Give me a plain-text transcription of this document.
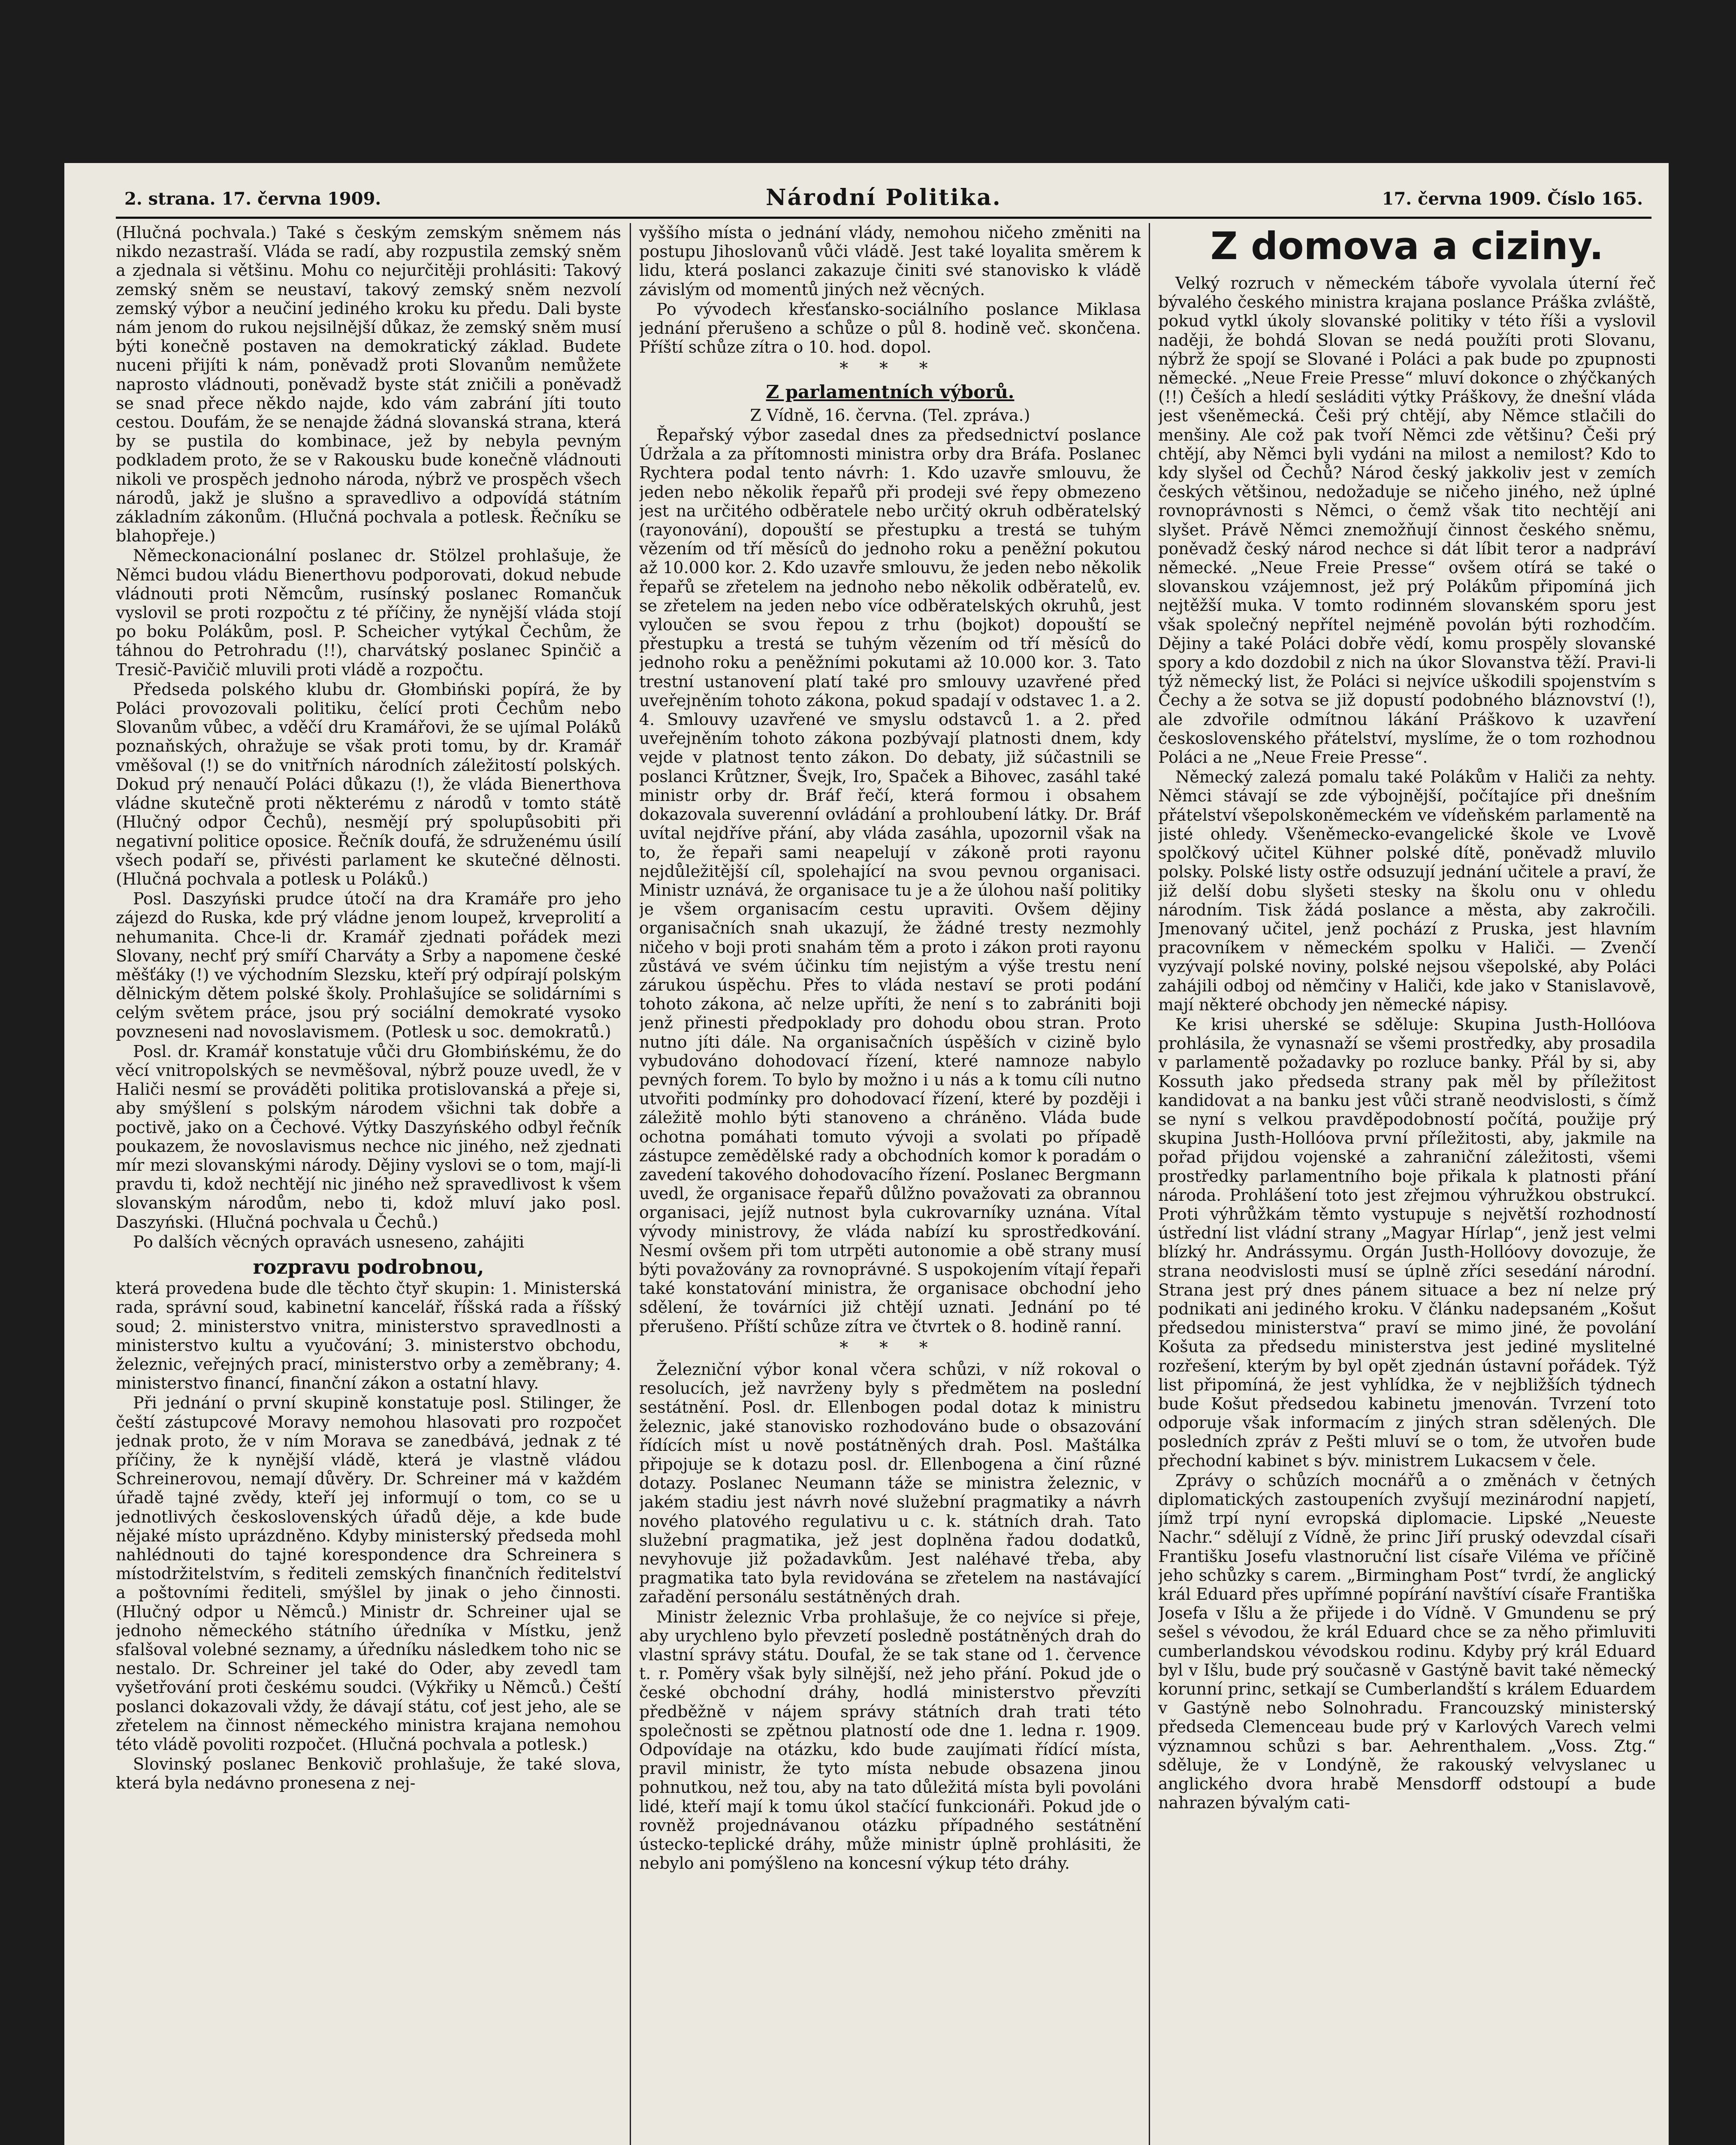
2. strana. 17. června 1909.	Národní Politika.	17. června 1909. Číslo 165.

(Hlučná pochvala.) Také s českým zemským sněmem nás nikdo nezastraší. Vláda se radí, aby rozpustila zemský sněm a zjednala si většinu. Mohu co nejurčitěji prohlásiti: Takový zemský sněm se neustaví, takový zemský sněm nezvolí zemský výbor a neučiní jediného kroku ku předu. Dali byste nám jenom do rukou nejsilnější důkaz, že zemský sněm musí býti konečně postaven na demokratický základ. Budete nuceni přijíti k nám, poněvadž proti Slovanům nemůžete naprosto vládnouti, poněvadž byste stát zničili a poněvadž se snad přece někdo najde, kdo vám zabrání jíti touto cestou. Doufám, že se nenajde žádná slovanská strana, která by se pustila do kombinace, jež by nebyla pevným podkladem proto, že se v Rakousku bude konečně vládnouti nikoli ve prospěch jednoho národa, nýbrž ve prospěch všech národů, jakž je slušno a spravedlivo a odpovídá státním základním zákonům. (Hlučná pochvala a potlesk. Řečníku se blahopřeje.)

Německonacionální poslanec dr. Stölzel prohlašuje, že Němci budou vládu Bienerthovu podporovati, dokud nebude vládnouti proti Němcům, rusínský poslanec Romančuk vyslovil se proti rozpočtu z té příčiny, že nynější vláda stojí po boku Polákům, posl. P. Scheicher vytýkal Čechům, že táhnou do Petrohradu (!!), charvátský poslanec Spinčič a Tresič-Pavičič mluvili proti vládě a rozpočtu.

Předseda polského klubu dr. Głombiński popírá, že by Poláci provozovali politiku, čelící proti Čechům nebo Slovanům vůbec, a vděčí dru Kramářovi, že se ujímal Poláků poznaňských, ohražuje se však proti tomu, by dr. Kramář vměšoval (!) se do vnitřních národních záležitostí polských. Dokud prý nenaučí Poláci důkazu (!), že vláda Bienerthova vládne skutečně proti některému z národů v tomto státě (Hlučný odpor Čechů), nesmějí prý spolupůsobiti při negativní politice oposice. Řečník doufá, že sdruženému úsilí všech podaří se, přivésti parlament ke skutečné dělnosti. (Hlučná pochvala a potlesk u Poláků.)

Posl. Daszyński prudce útočí na dra Kramáře pro jeho zájezd do Ruska, kde prý vládne jenom loupež, krveprolití a nehumanita. Chce-li dr. Kramář zjednati pořádek mezi Slovany, nechť prý smíří Charváty a Srby a napomene české měšťáky (!) ve východním Slezsku, kteří prý odpírají polským dělnickým dětem polské školy. Prohlašujíce se solidárními s celým světem práce, jsou prý sociální demokraté vysoko povzneseni nad novoslavismem. (Potlesk u soc. demokratů.)

Posl. dr. Kramář konstatuje vůči dru Głombińskému, že do věcí vnitropolských se nevměšoval, nýbrž pouze uvedl, že v Haliči nesmí se prováděti politika protislovanská a přeje si, aby smýšlení s polským národem všichni tak dobře a poctivě, jako on a Čechové. Výtky Daszyńského odbyl řečník poukazem, že novoslavismus nechce nic jiného, než zjednati mír mezi slovanskými národy. Dějiny vyslovi se o tom, mají-li pravdu ti, kdož nechtějí nic jiného než spravedlivost k všem slovanským národům, nebo ti, kdož mluví jako posl. Daszyński. (Hlučná pochvala u Čechů.)

Po dalších věcných opravách usneseno, zahájiti

rozpravu podrobnou,

která provedena bude dle těchto čtyř skupin: 1. Ministerská rada, správní soud, kabinetní kancelář, říšská rada a říšský soud; 2. ministerstvo vnitra, ministerstvo spravedlnosti a ministerstvo kultu a vyučování; 3. ministerstvo obchodu, železnic, veřejných prací, ministerstvo orby a zeměbrany; 4. ministerstvo financí, finanční zákon a ostatní hlavy.

Při jednání o první skupině konstatuje posl. Stilinger, že čeští zástupcové Moravy nemohou hlasovati pro rozpočet jednak proto, že v ním Morava se zanedbává, jednak z té příčiny, že k nynější vládě, která je vlastně vládou Schreinerovou, nemají důvěry. Dr. Schreiner má v každém úřadě tajné zvědy, kteří jej informují o tom, co se u jednotlivých československých úřadů děje, a kde bude nějaké místo uprázdněno. Kdyby ministerský předseda mohl nahlédnouti do tajné korespondence dra Schreinera s místodržitelstvím, s řediteli zemských finančních ředitelství a poštovními řediteli, smýšlel by jinak o jeho činnosti. (Hlučný odpor u Němců.) Ministr dr. Schreiner ujal se jednoho německého státního úředníka v Místku, jenž sfalšoval volebné seznamy, a úředníku následkem toho nic se nestalo. Dr. Schreiner jel také do Oder, aby zevedl tam vyšetřování proti českému soudci. (Výkřiky u Němců.) Čeští poslanci dokazovali vždy, že dávají státu, coť jest jeho, ale se zřetelem na činnost německého ministra krajana nemohou této vládě povoliti rozpočet. (Hlučná pochvala a potlesk.)

Slovinský poslanec Benkovič prohlašuje, že také slova, která byla nedávno pronesena z nej-

vyššího místa o jednání vlády, nemohou ničeho změniti na postupu Jihoslovanů vůči vládě. Jest také loyalita směrem k lidu, která poslanci zakazuje činiti své stanovisko k vládě závislým od momentů jiných než věcných.

Po vývodech křesťansko-sociálního poslance Miklasa jednání přerušeno a schůze o půl 8. hodině več. skončena. Příští schůze zítra o 10. hod. dopol.

* * *
Z parlamentních výborů.

Z Vídně, 16. června. (Tel. zpráva.)

Řepařský výbor zasedal dnes za předsednictví poslance Údržala a za přítomnosti ministra orby dra Bráfa. Poslanec Rychtera podal tento návrh: 1. Kdo uzavře smlouvu, že jeden nebo několik řepařů při prodeji své řepy obmezeno jest na určitého odběratele nebo určitý okruh odběratelský (rayonování), dopouští se přestupku a trestá se tuhým vězením od tří měsíců do jednoho roku a peněžní pokutou až 10.000 kor. 2. Kdo uzavře smlouvu, že jeden nebo několik řepařů se zřetelem na jednoho nebo několik odběratelů, ev. se zřetelem na jeden nebo více odběratelských okruhů, jest vyloučen se svou řepou z trhu (bojkot) dopouští se přestupku a trestá se tuhým vězením od tří měsíců do jednoho roku a peněžními pokutami až 10.000 kor. 3. Tato trestní ustanovení platí také pro smlouvy uzavřené před uveřejněním tohoto zákona, pokud spadají v odstavec 1. a 2. 4. Smlouvy uzavřené ve smyslu odstavců 1. a 2. před uveřejněním tohoto zákona pozbývají platnosti dnem, kdy vejde v platnost tento zákon. Do debaty, již súčastnili se poslanci Krůtzner, Švejk, Iro, Spaček a Bihovec, zasáhl také ministr orby dr. Bráf řečí, která formou i obsahem dokazovala suverenní ovládání a prohloubení látky. Dr. Bráf uvítal nejdříve přání, aby vláda zasáhla, upozornil však na to, že řepaři sami neapelují v zákoně proti rayonu nejdůležitější cíl, spolehající na svou pevnou organisaci. Ministr uznává, že organisace tu je a že úlohou naší politiky je všem organisacím cestu upraviti. Ovšem dějiny organisačních snah ukazují, že žádné tresty nezmohly ničeho v boji proti snahám těm a proto i zákon proti rayonu zůstává ve svém účinku tím nejistým a výše trestu není zárukou úspěchu. Přes to vláda nestaví se proti podání tohoto zákona, ač nelze upříti, že není s to zabrániti boji jenž přinesti předpoklady pro dohodu obou stran. Proto nutno jíti dále. Na organisačních úspěších v cizině bylo vybudováno dohodovací řízení, které namnoze nabylo pevných forem. To bylo by možno i u nás a k tomu cíli nutno utvořiti podmínky pro dohodovací řízení, které by později i záležitě mohlo býti stanoveno a chráněno. Vláda bude ochotna pomáhati tomuto vývoji a svolati po případě zástupce zemědělské rady a obchodních komor k poradám o zavedení takového dohodovacího řízení. Poslanec Bergmann uvedl, že organisace řepařů důlžno považovati za obrannou organisaci, jejíž nutnost byla cukrovarníky uznána. Vítal vývody ministrovy, že vláda nabízí ku sprostředkování. Nesmí ovšem při tom utrpěti autonomie a obě strany musí býti považovány za rovnoprávné. S uspokojením vítají řepaři také konstatování ministra, že organisace obchodní jeho sdělení, že továrníci již chtějí uznati. Jednání po té přerušeno. Příští schůze zítra ve čtvrtek o 8. hodině ranní.

* * *

Železniční výbor konal včera schůzi, v níž rokoval o resolucích, jež navrženy byly s předmětem na poslední sestátnění. Posl. dr. Ellenbogen podal dotaz k ministru železnic, jaké stanovisko rozhodováno bude o obsazování řídících míst u nově postátněných drah. Posl. Maštálka připojuje se k dotazu posl. dr. Ellenbogena a činí různé dotazy. Poslanec Neumann táže se ministra železnic, v jakém stadiu jest návrh nové služební pragmatiky a návrh nového platového regulativu u c. k. státních drah. Tato služební pragmatika, jež jest doplněna řadou dodatků, nevyhovuje již požadavkům. Jest naléhavé třeba, aby pragmatika tato byla revidována se zřetelem na nastávající zařadění personálu sestátněných drah.

Ministr železnic Vrba prohlašuje, že co nejvíce si přeje, aby urychleno bylo převzetí posledně postátněných drah do vlastní správy státu. Doufal, že se tak stane od 1. července t. r. Poměry však byly silnější, než jeho přání. Pokud jde o české obchodní dráhy, hodlá ministerstvo převzíti předběžně v nájem správy státních drah trati této společnosti se zpětnou platností ode dne 1. ledna r. 1909. Odpovídaje na otázku, kdo bude zaujímati řídící místa, pravil ministr, že tyto místa nebude obsazena jinou pohnutkou, než tou, aby na tato důležitá místa byli povoláni lidé, kteří mají k tomu úkol stačící funkcionáři. Pokud jde o rovněž projednávanou otázku případného sestátnění ústecko-teplické dráhy, může ministr úplně prohlásiti, že nebylo ani pomýšleno na koncesní výkup této dráhy.

Z domova a ciziny.

Velký rozruch v německém táboře vyvolala úterní řeč bývalého českého ministra krajana poslance Práška zvláště, pokud vytkl úkoly slovanské politiky v této říši a vyslovil naději, že bohdá Slovan se nedá použíti proti Slovanu, nýbrž že spojí se Slované i Poláci a pak bude po zpupnosti německé. „Neue Freie Presse“ mluví dokonce o zhýčkaných (!!) Češích a hledí sesláditi výtky Práškovy, že dnešní vláda jest všeněmecká. Češi prý chtějí, aby Němce stlačili do menšiny. Ale což pak tvoří Němci zde většinu? Češi prý chtějí, aby Němci byli vydáni na milost a nemilost? Kdo to kdy slyšel od Čechů? Národ český jakkoliv jest v zemích českých většinou, nedožaduje se ničeho jiného, než úplné rovnoprávnosti s Němci, o čemž však tito nechtějí ani slyšet. Právě Němci znemožňují činnost českého sněmu, poněvadž český národ nechce si dát líbit teror a nadpráví německé. „Neue Freie Presse“ ovšem otírá se také o slovanskou vzájemnost, jež prý Polákům připomíná jich nejtěžší muka. V tomto rodinném slovanském sporu jest však společný nepřítel nejméně povolán býti rozhodčím. Dějiny a také Poláci dobře vědí, komu prospěly slovanské spory a kdo dozdobil z nich na úkor Slovanstva těží. Pravi-li týž německý list, že Poláci si nejvíce uškodili spojenstvím s Čechy a že sotva se již dopustí podobného bláznovství (!), ale zdvořile odmítnou lákání Práškovo k uzavření československého přátelství, myslíme, že o tom rozhodnou Poláci a ne „Neue Freie Presse“.

Německý zalezá pomalu také Polákům v Haliči za nehty. Němci stávají se zde výbojnější, počítajíce při dnešním přátelství všepolskoněmeckém ve vídeňském parlamentě na jisté ohledy. Všeněmecko-evangelické škole ve Lvově spolčkový učitel Kühner polské dítě, poněvadž mluvilo polsky. Polské listy ostře odsuzují jednání učitele a praví, že již delší dobu slyšeti stesky na školu onu v ohledu národním. Tisk žádá poslance a města, aby zakročili. Jmenovaný učitel, jenž pochází z Pruska, jest hlavním pracovníkem v německém spolku v Haliči. — Zvenčí vyzývají polské noviny, polské nejsou všepolské, aby Poláci zahájili odboj od němčiny v Haliči, kde jako v Stanislavově, mají některé obchody jen německé nápisy.

Ke krisi uherské se sděluje: Skupina Justh-Hollóova prohlásila, že vynasnaží se všemi prostředky, aby prosadila v parlamentě požadavky po rozluce banky. Přál by si, aby Kossuth jako předseda strany pak měl by příležitost kandidovat a na banku jest vůči straně neodvislosti, s čímž se nyní s velkou pravděpodobností počítá, použije prý skupina Justh-Hollóova první příležitosti, aby, jakmile na pořad přijdou vojenské a zahraniční záležitosti, všemi prostředky parlamentního boje přikala k platnosti přání národa. Prohlášení toto jest zřejmou výhružkou obstrukcí. Proti výhrůžkám těmto vystupuje s největší rozhodností ústřední list vládní strany „Magyar Hírlap“, jenž jest velmi blízký hr. Andrássymu. Orgán Justh-Hollóovy dovozuje, že strana neodvislosti musí se úplně zříci sesedání národní. Strana jest prý dnes pánem situace a bez ní nelze prý podnikati ani jediného kroku. V článku nadepsaném „Košut předsedou ministerstva“ praví se mimo jiné, že povolání Košuta za předsedu ministerstva jest jediné myslitelné rozřešení, kterým by byl opět zjednán ústavní pořádek. Týž list připomíná, že jest vyhlídka, že v nejbližších týdnech bude Košut předsedou kabinetu jmenován. Tvrzení toto odporuje však informacím z jiných stran sdělených. Dle posledních zpráv z Pešti mluví se o tom, že utvořen bude přechodní kabinet s býv. ministrem Lukacsem v čele.

Zprávy o schůzích mocnářů a o změnách v četných diplomatických zastoupeních zvyšují mezinárodní napjetí, jímž trpí nyní evropská diplomacie. Lipské „Neueste Nachr.“ sdělují z Vídně, že princ Jiří pruský odevzdal císaři Františku Josefu vlastnoruční list císaře Viléma ve příčině jeho schůzky s carem. „Birmingham Post“ tvrdí, že anglický král Eduard přes upřímné popírání navštíví císaře Františka Josefa v Išlu a že přijede i do Vídně. V Gmundenu se prý sešel s vévodou, že král Eduard chce se za něho přimluviti cumberlandskou vévodskou rodinu. Kdyby prý král Eduard byl v Išlu, bude prý současně v Gastýně bavit také německý korunní princ, setkají se Cumberlandští s králem Eduardem v Gastýně nebo Solnohradu. Francouzský ministerský předseda Clemenceau bude prý v Karlových Varech velmi významnou schůzi s bar. Aehrenthalem. „Voss. Ztg.“ sděluje, že v Londýně, že rakouský velvyslanec u anglického dvora hrabě Mensdorff odstoupí a bude nahrazen bývalým cati-
